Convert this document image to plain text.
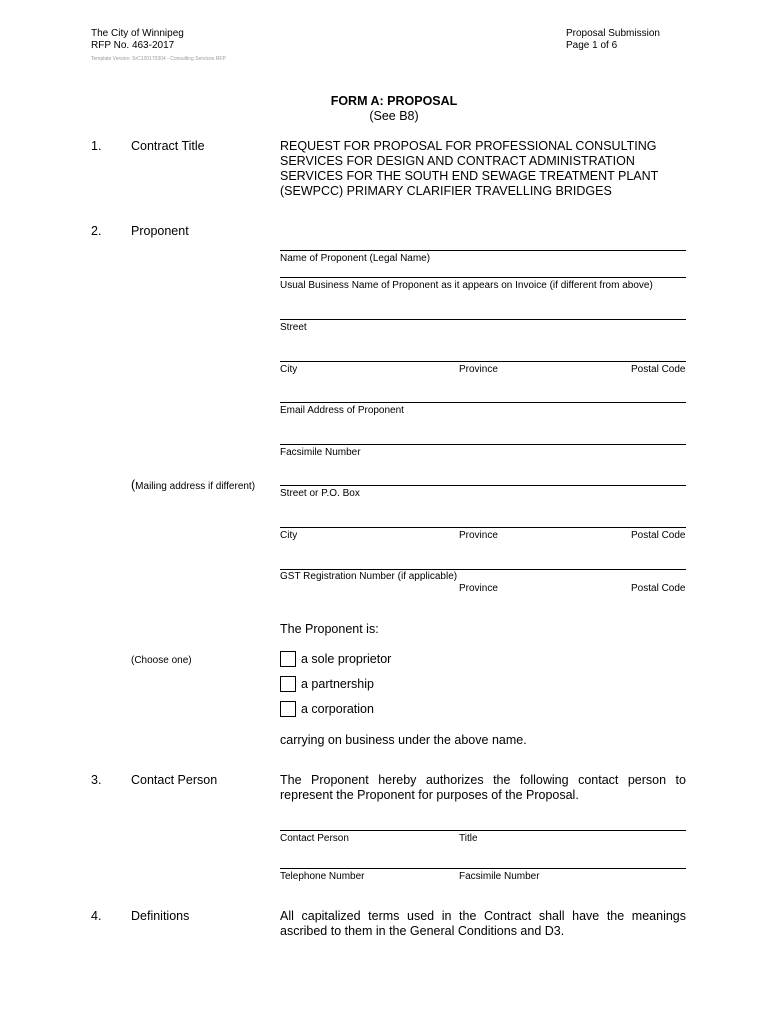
The City of Winnipeg
RFP No. 463-2017
Proposal Submission
Page 1 of 6
Template Version: SrC120170304 - Consulting Services RFP
FORM A: PROPOSAL
(See B8)
1. Contract Title	REQUEST FOR PROPOSAL FOR PROFESSIONAL CONSULTING SERVICES FOR DESIGN AND CONTRACT ADMINISTRATION SERVICES FOR THE SOUTH END SEWAGE TREATMENT PLANT (SEWPCC) PRIMARY CLARIFIER TRAVELLING BRIDGES
2. Proponent
Name of Proponent (Legal Name)
Usual Business Name of Proponent as it appears on Invoice (if different from above)
Street
City	Province	Postal Code
Email Address of Proponent
Facsimile Number
(Mailing address if different)
Street or P.O. Box
City	Province	Postal Code
GST Registration Number (if applicable)
Province	Postal Code
The Proponent is:
(Choose one)	a sole proprietor
a partnership
a corporation
carrying on business under the above name.
3. Contact Person	The Proponent hereby authorizes the following contact person to represent the Proponent for purposes of the Proposal.
Contact Person	Title
Telephone Number	Facsimile Number
4. Definitions	All capitalized terms used in the Contract shall have the meanings ascribed to them in the General Conditions and D3.
